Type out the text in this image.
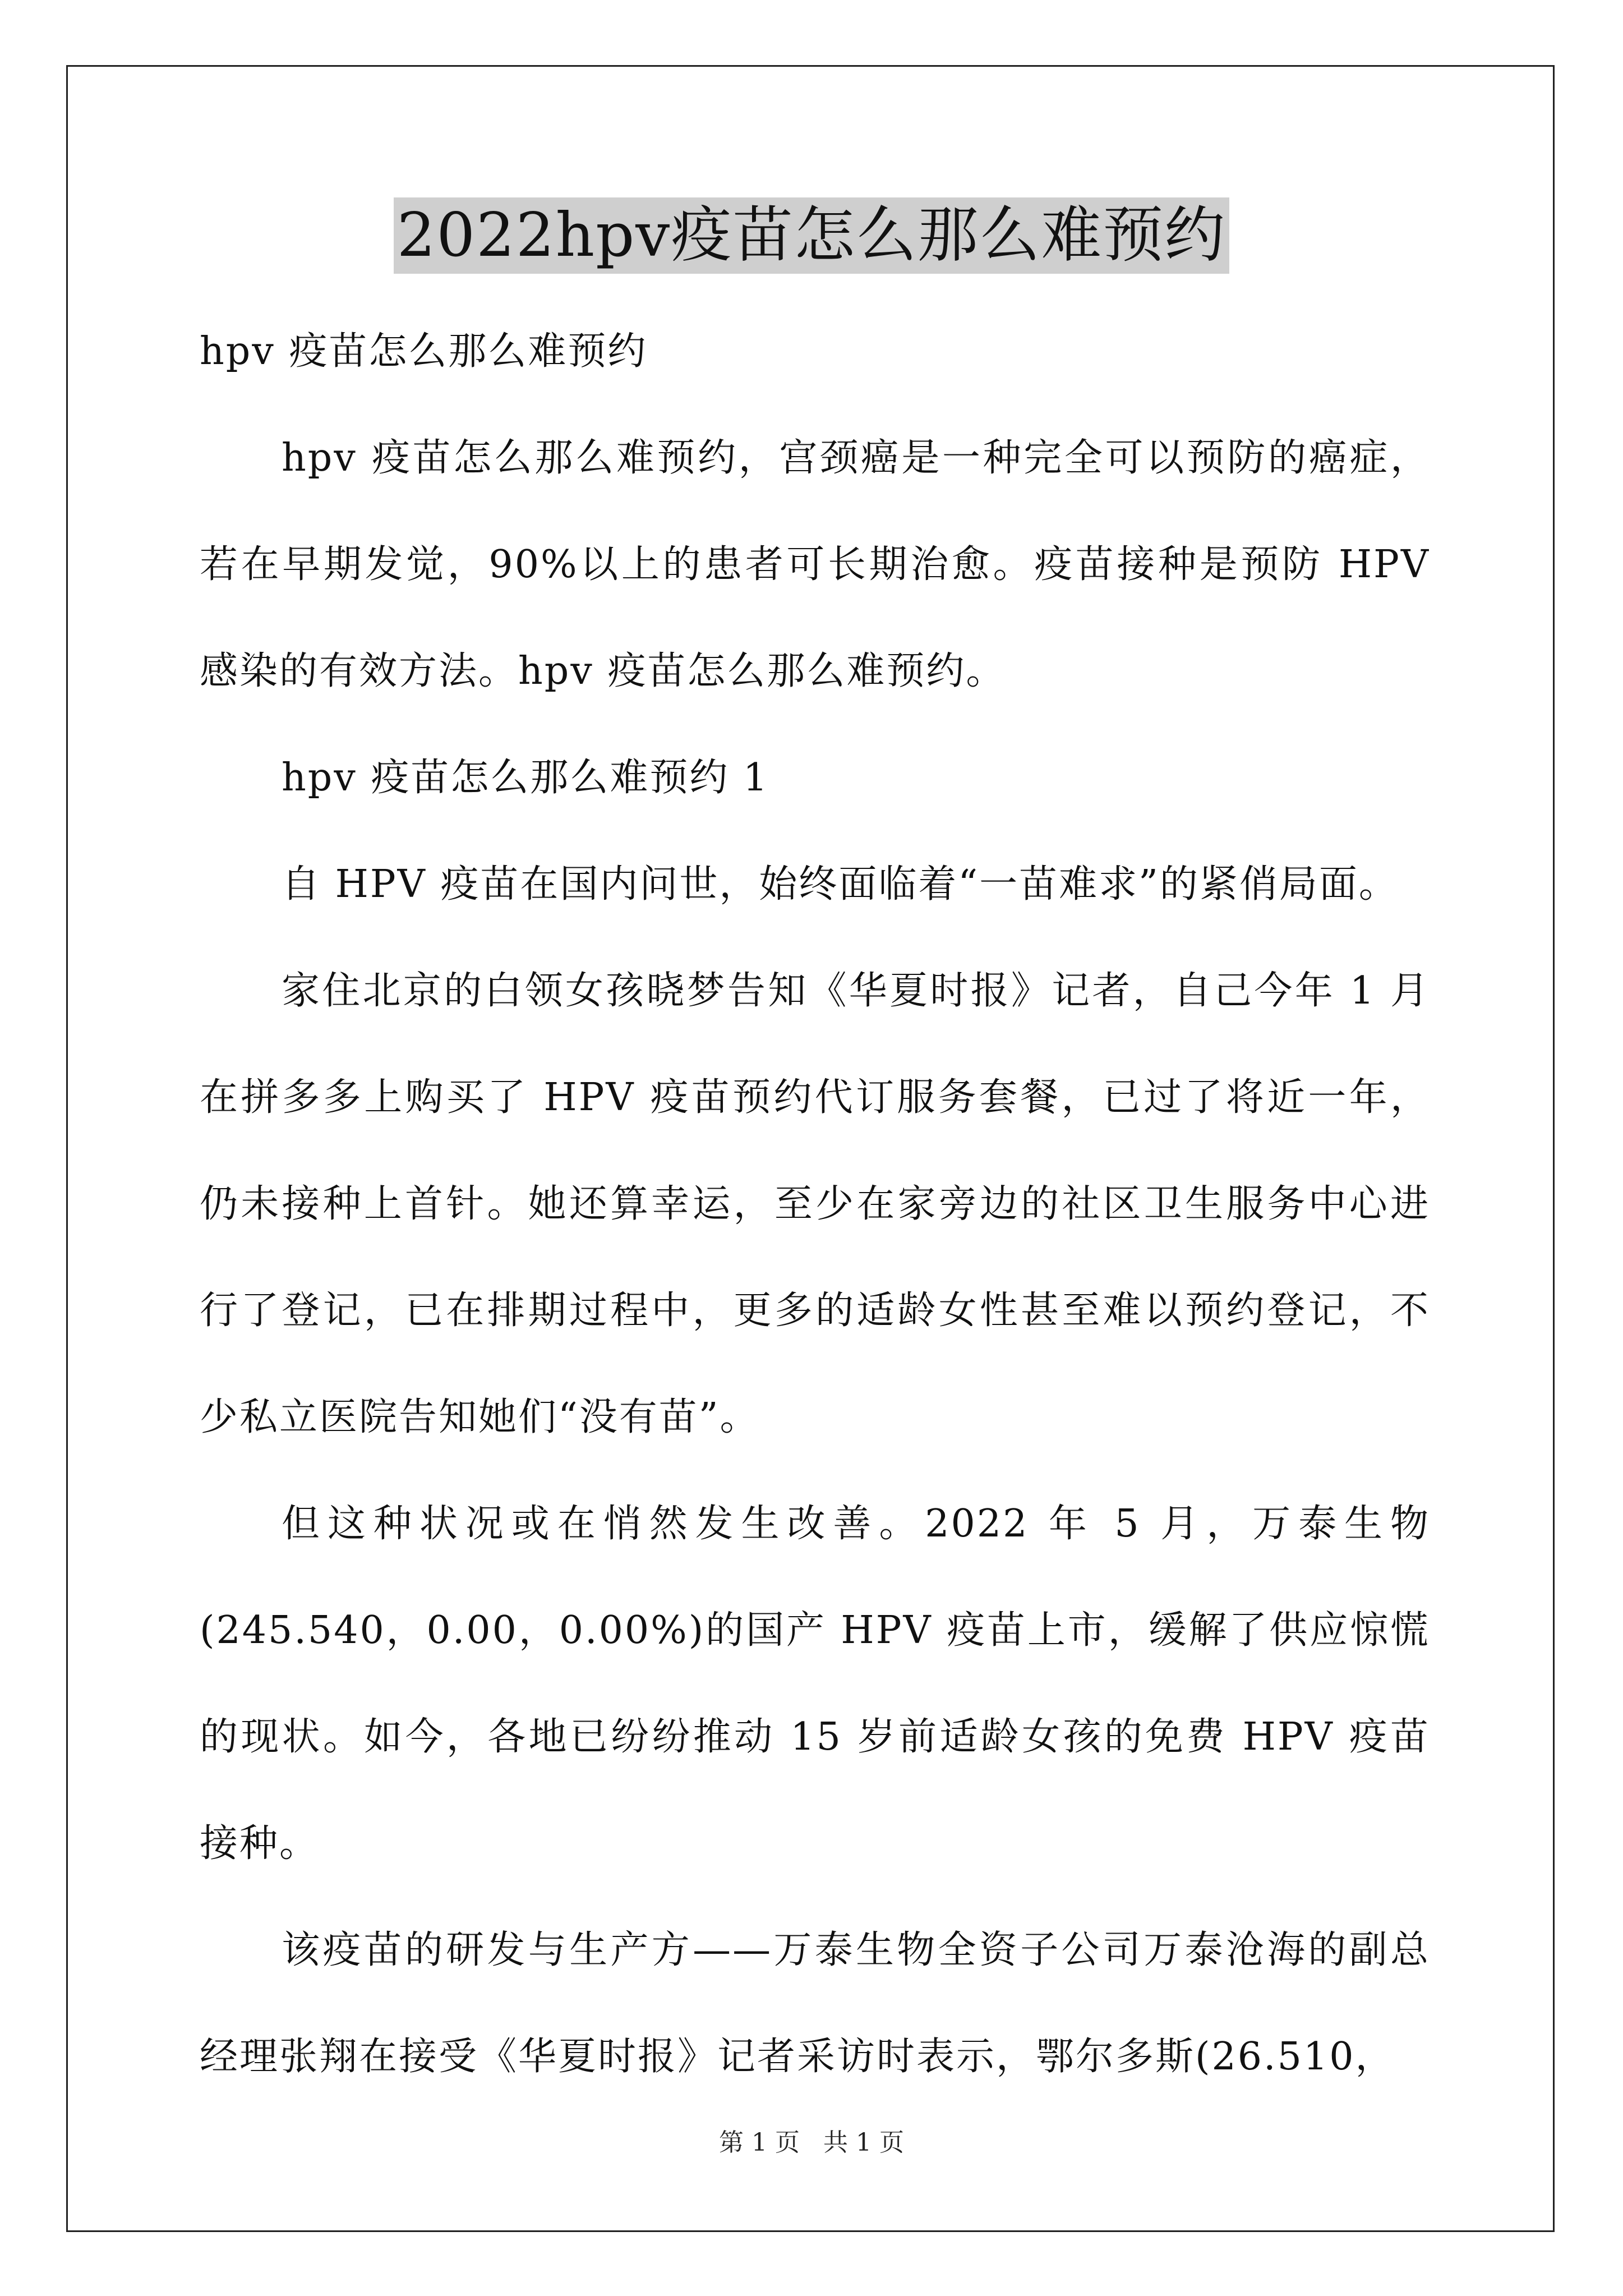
2022hpv疫苗怎么那么难预约

hpv 疫苗怎么那么难预约

hpv 疫苗怎么那么难预约，宫颈癌是一种完全可以预防的癌症，若在早期发觉，90%以上的患者可长期治愈。疫苗接种是预防 HPV 感染的有效方法。hpv 疫苗怎么那么难预约。

hpv 疫苗怎么那么难预约 1

自 HPV 疫苗在国内问世，始终面临着“一苗难求”的紧俏局面。

家住北京的白领女孩晓梦告知《华夏时报》记者，自己今年 1 月在拼多多上购买了 HPV 疫苗预约代订服务套餐，已过了将近一年，仍未接种上首针。她还算幸运，至少在家旁边的社区卫生服务中心进行了登记，已在排期过程中，更多的适龄女性甚至难以预约登记，不少私立医院告知她们“没有苗”。

但这种状况或在悄然发生改善。2022 年 5 月，万泰生物(245.540，0.00，0.00%)的国产 HPV 疫苗上市，缓解了供应惊慌的现状。如今，各地已纷纷推动 15 岁前适龄女孩的免费 HPV 疫苗接种。

该疫苗的研发与生产方——万泰生物全资子公司万泰沧海的副总经理张翔在接受《华夏时报》记者采访时表示，鄂尔多斯(26.510，

第 1 页 共 1 页
